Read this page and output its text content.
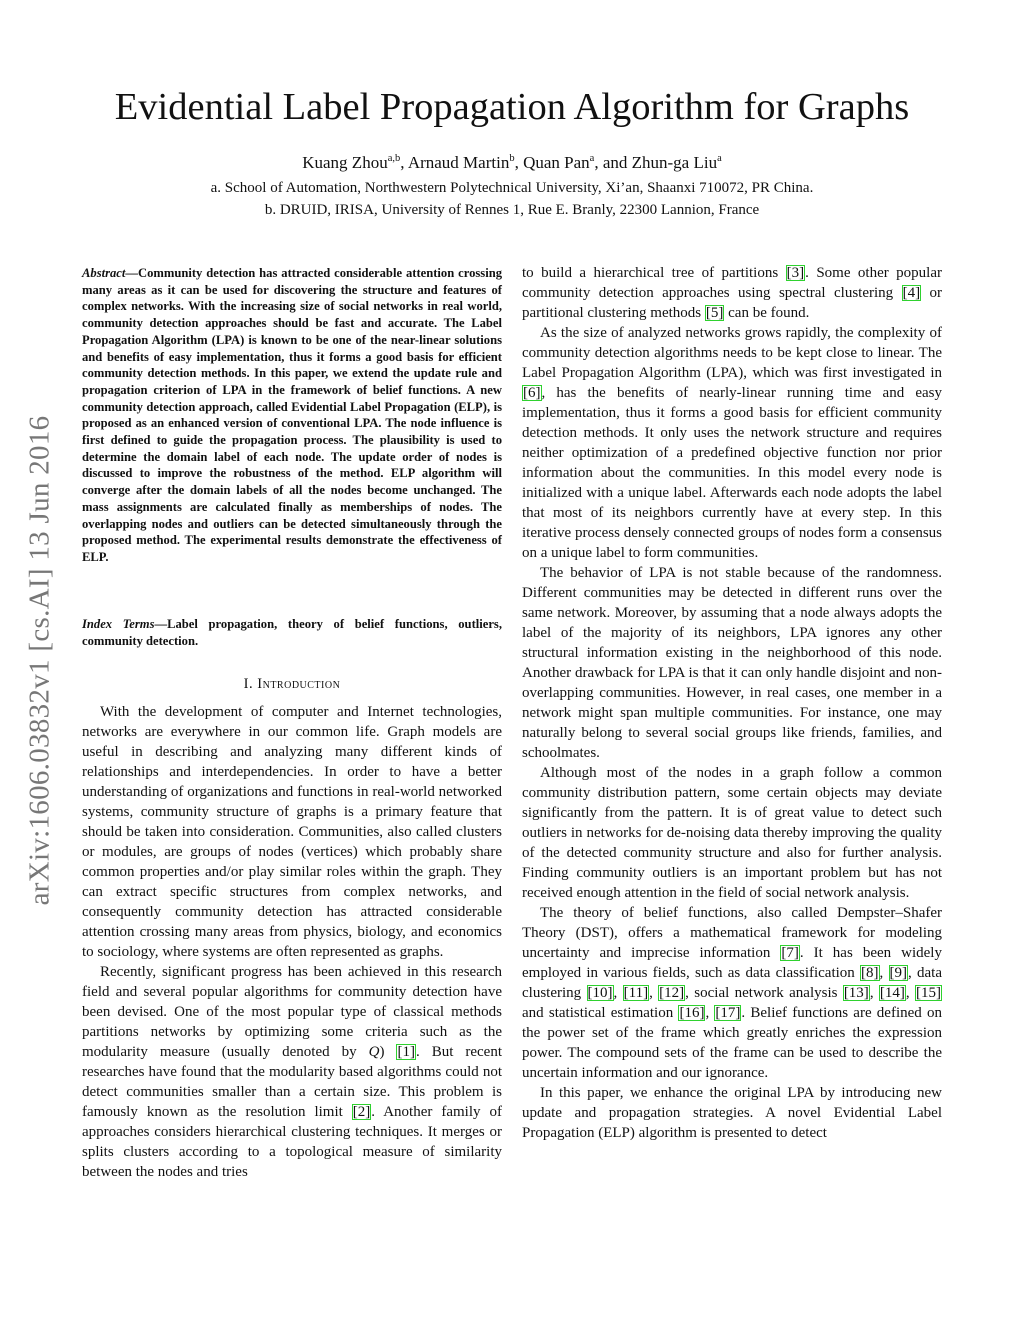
arXiv:1606.03832v1 [cs.AI] 13 Jun 2016
Evidential Label Propagation Algorithm for Graphs
Kuang Zhou$^{a,b}$, Arnaud Martin$^b$, Quan Pan$^a$, and Zhun-ga Liu$^a$
a. School of Automation, Northwestern Polytechnical University, Xi’an, Shaanxi 710072, PR China.
b. DRUID, IRISA, University of Rennes 1, Rue E. Branly, 22300 Lannion, France

Abstract—Community detection has attracted considerable attention crossing many areas as it can be used for discovering the structure and features of complex networks. With the increasing size of social networks in real world, community detection approaches should be fast and accurate. The Label Propagation Algorithm (LPA) is known to be one of the near-linear solutions and benefits of easy implementation, thus it forms a good basis for efficient community detection methods. In this paper, we extend the update rule and propagation criterion of LPA in the framework of belief functions. A new community detection approach, called Evidential Label Propagation (ELP), is proposed as an enhanced version of conventional LPA. The node influence is first defined to guide the propagation process. The plausibility is used to determine the domain label of each node. The update order of nodes is discussed to improve the robustness of the method. ELP algorithm will converge after the domain labels of all the nodes become unchanged. The mass assignments are calculated finally as memberships of nodes. The overlapping nodes and outliers can be detected simultaneously through the proposed method. The experimental results demonstrate the effectiveness of ELP.

Index Terms—Label propagation, theory of belief functions, outliers, community detection.

I. Introduction

With the development of computer and Internet technologies, networks are everywhere in our common life. Graph models are useful in describing and analyzing many different kinds of relationships and interdependencies. In order to have a better understanding of organizations and functions in real-world networked systems, community structure of graphs is a primary feature that should be taken into consideration. Communities, also called clusters or modules, are groups of nodes (vertices) which probably share common properties and/or play similar roles within the graph. They can extract specific structures from complex networks, and consequently community detection has attracted considerable attention crossing many areas from physics, biology, and economics to sociology, where systems are often represented as graphs.

Recently, significant progress has been achieved in this research field and several popular algorithms for community detection have been devised. One of the most popular type of classical methods partitions networks by optimizing some criteria such as the modularity measure (usually denoted by Q) [1]. But recent researches have found that the modularity based algorithms could not detect communities smaller than a certain size. This problem is famously known as the resolution limit [2]. Another family of approaches considers hierarchical clustering techniques. It merges or splits clusters according to a topological measure of similarity between the nodes and tries

to build a hierarchical tree of partitions [3]. Some other popular community detection approaches using spectral clustering [4] or partitional clustering methods [5] can be found.

As the size of analyzed networks grows rapidly, the complexity of community detection algorithms needs to be kept close to linear. The Label Propagation Algorithm (LPA), which was first investigated in [6], has the benefits of nearly-linear running time and easy implementation, thus it forms a good basis for efficient community detection methods. It only uses the network structure and requires neither optimization of a predefined objective function nor prior information about the communities. In this model every node is initialized with a unique label. Afterwards each node adopts the label that most of its neighbors currently have at every step. In this iterative process densely connected groups of nodes form a consensus on a unique label to form communities.

The behavior of LPA is not stable because of the randomness. Different communities may be detected in different runs over the same network. Moreover, by assuming that a node always adopts the label of the majority of its neighbors, LPA ignores any other structural information existing in the neighborhood of this node. Another drawback for LPA is that it can only handle disjoint and non-overlapping communities. However, in real cases, one member in a network might span multiple communities. For instance, one may naturally belong to several social groups like friends, families, and schoolmates.

Although most of the nodes in a graph follow a common community distribution pattern, some certain objects may deviate significantly from the pattern. It is of great value to detect such outliers in networks for de-noising data thereby improving the quality of the detected community structure and also for further analysis. Finding community outliers is an important problem but has not received enough attention in the field of social network analysis.

The theory of belief functions, also called Dempster–Shafer Theory (DST), offers a mathematical framework for modeling uncertainty and imprecise information [7]. It has been widely employed in various fields, such as data classification [8], [9], data clustering [10], [11], [12], social network analysis [13], [14], [15] and statistical estimation [16], [17]. Belief functions are defined on the power set of the frame which greatly enriches the expression power. The compound sets of the frame can be used to describe the uncertain information and our ignorance.

In this paper, we enhance the original LPA by introducing new update and propagation strategies. A novel Evidential Label Propagation (ELP) algorithm is presented to detect
